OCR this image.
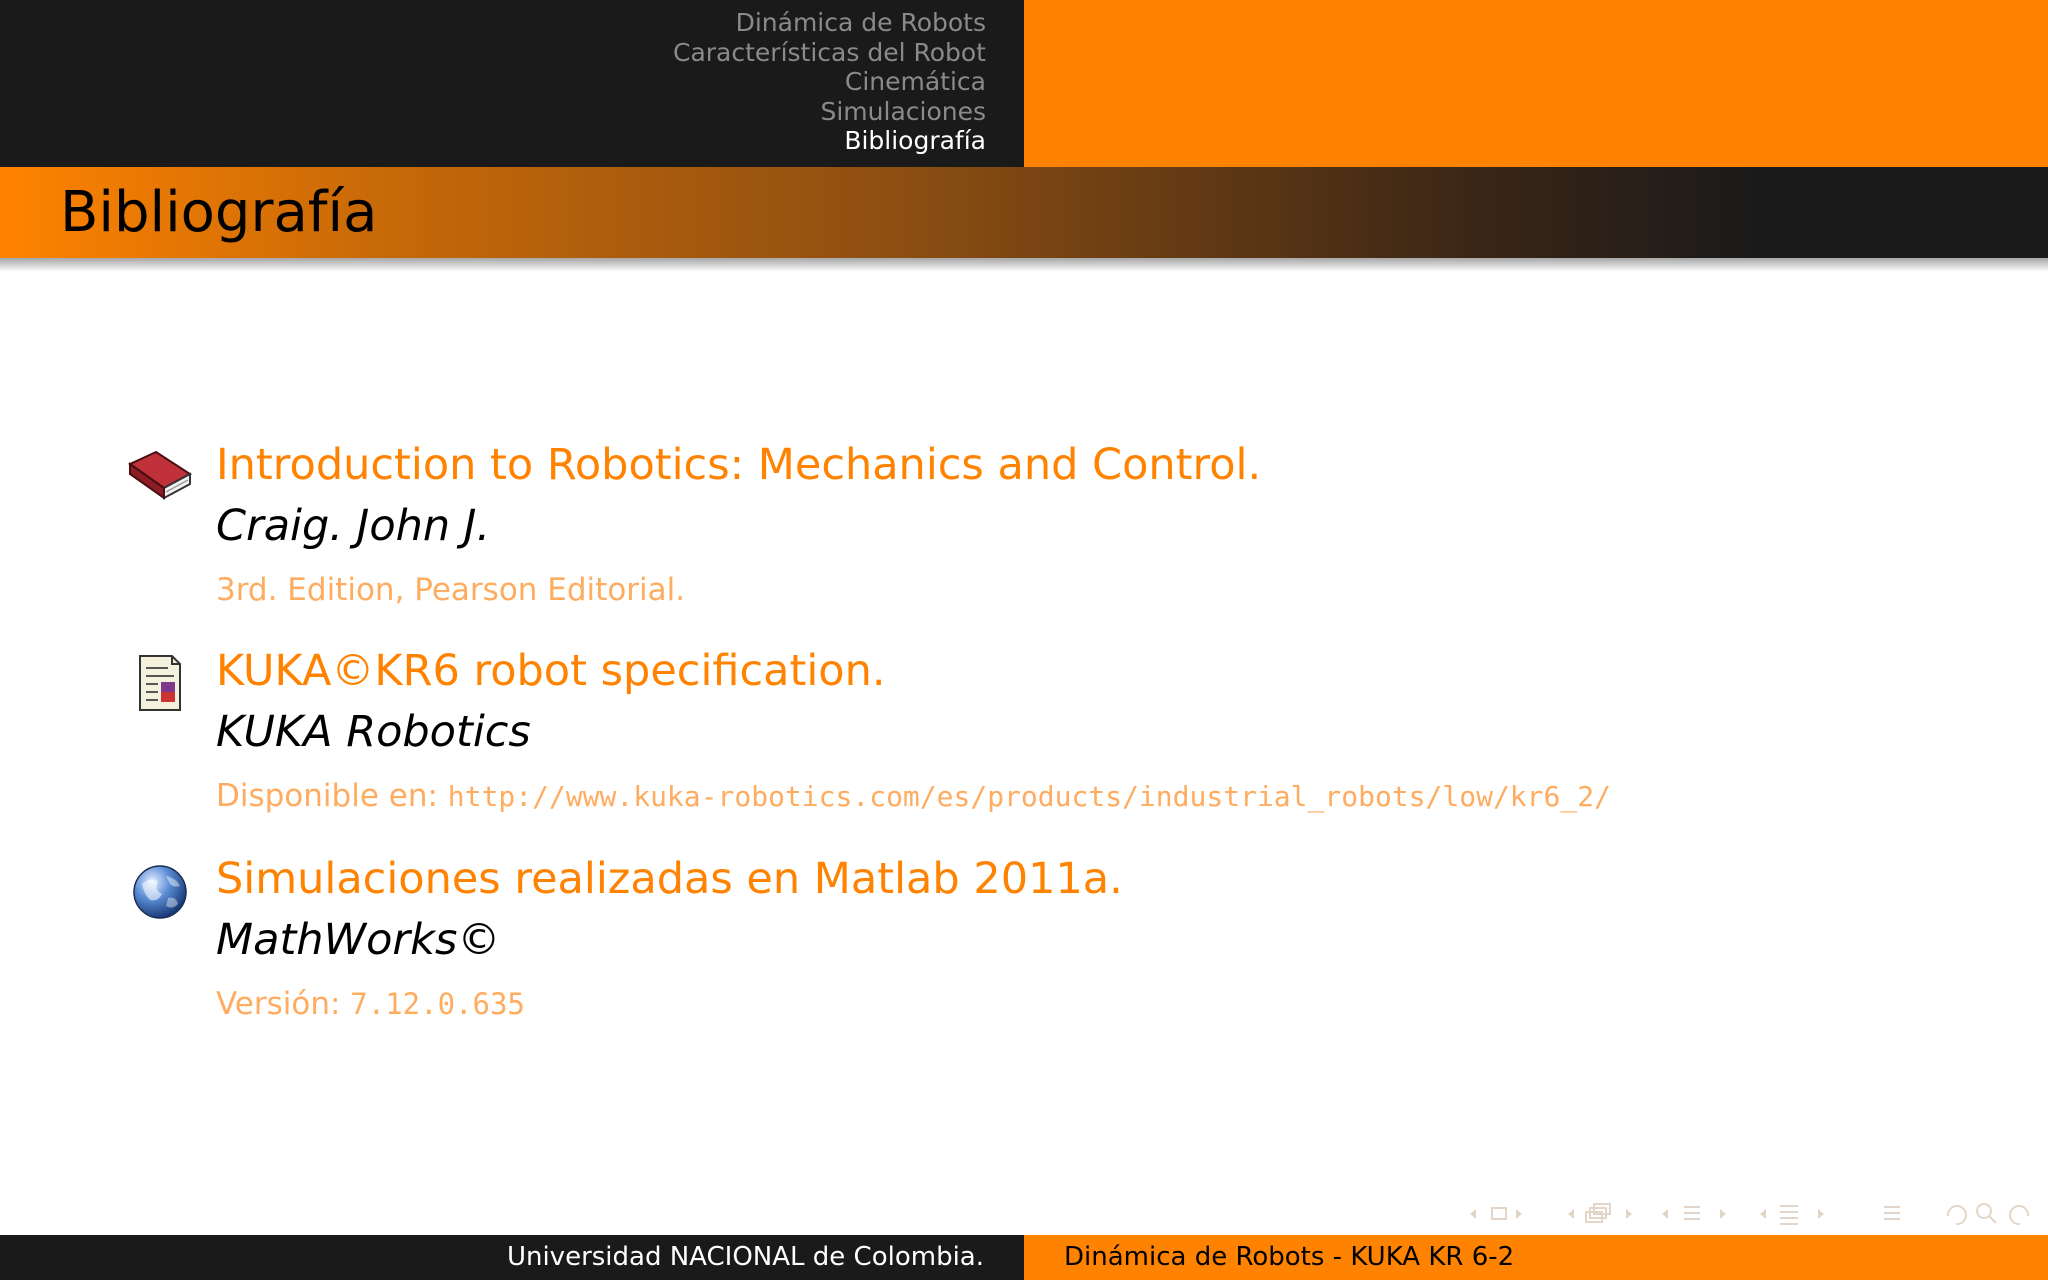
Dinámica de Robots
Características del Robot
Cinemática
Simulaciones
Bibliografía
Bibliografía
Introduction to Robotics: Mechanics and Control.
Craig. John J.
3rd. Edition, Pearson Editorial.
KUKA©KR6 robot specification.
KUKA Robotics
Disponible en: http://www.kuka-robotics.com/es/products/industrial_robots/low/kr6_2/
Simulaciones realizadas en Matlab 2011a.
MathWorks©
Versión: 7.12.0.635
Universidad NACIONAL de Colombia.	Dinámica de Robots - KUKA KR 6-2
